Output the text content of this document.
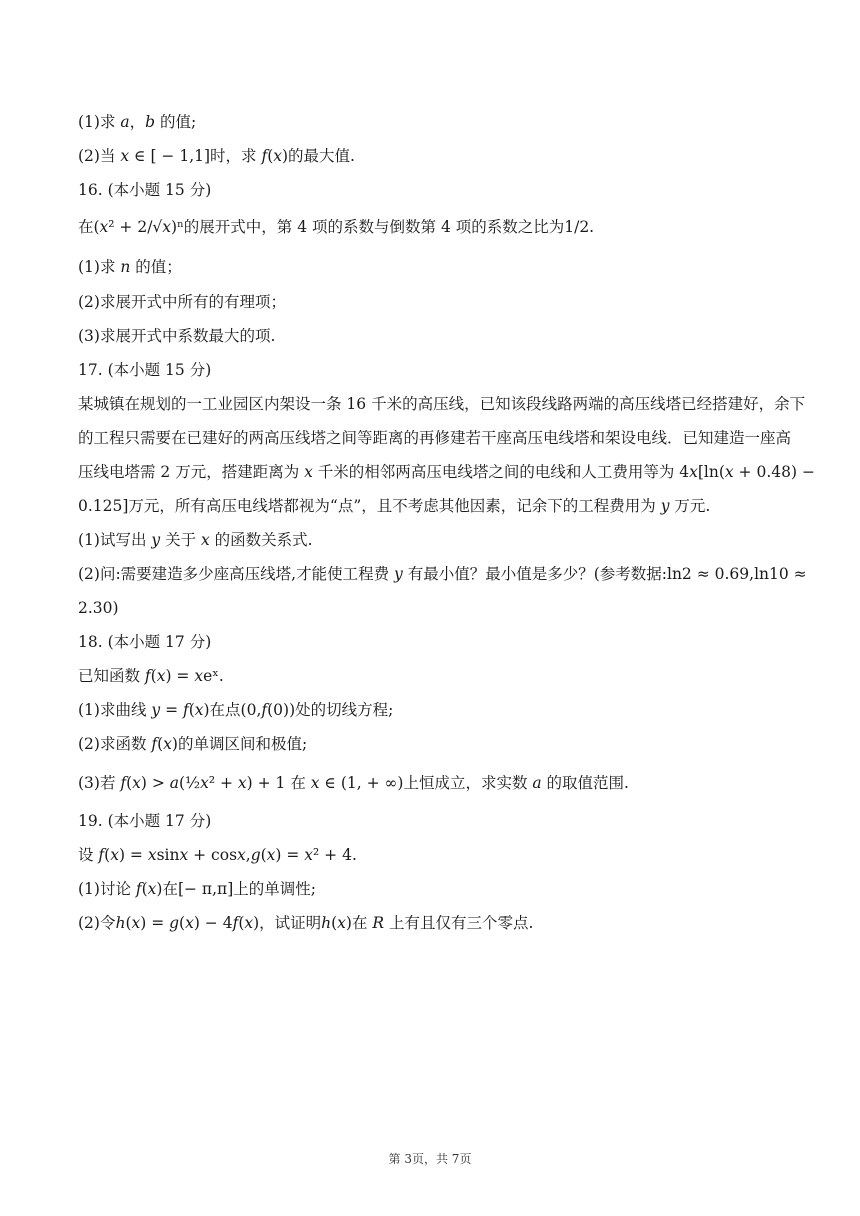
(1)求 𝑎，𝑏 的值;
(2)当 𝑥 ∈ [ − 1,1]时，求 𝑓(𝑥)的最大值.
16. (本小题 15 分)
在(𝑥² + 2/√𝑥)ⁿ的展开式中，第 4 项的系数与倒数第 4 项的系数之比为1/2.
(1)求 𝑛 的值；
(2)求展开式中所有的有理项；
(3)求展开式中系数最大的项.
17. (本小题 15 分)
某城镇在规划的一工业园区内架设一条 16 千米的高压线，已知该段线路两端的高压线塔已经搭建好，余下
的工程只需要在已建好的两高压线塔之间等距离的再修建若干座高压电线塔和架设电线．已知建造一座高
压线电塔需 2 万元，搭建距离为 𝑥 千米的相邻两高压电线塔之间的电线和人工费用等为 4𝑥[ln(𝑥 + 0.48) −
0.125]万元，所有高压电线塔都视为“点”，且不考虑其他因素，记余下的工程费用为 𝑦 万元.
(1)试写出 𝑦 关于 𝑥 的函数关系式.
(2)问:需要建造多少座高压线塔,才能使工程费 𝑦 有最小值？最小值是多少？(参考数据:ln2 ≈ 0.69,ln10 ≈
2.30)
18. (本小题 17 分)
已知函数 𝑓(𝑥) = 𝑥eˣ.
(1)求曲线 𝑦 = 𝑓(𝑥)在点(0,𝑓(0))处的切线方程;
(2)求函数 𝑓(𝑥)的单调区间和极值;
(3)若 𝑓(𝑥) > 𝑎(½𝑥² + 𝑥) + 1 在 𝑥 ∈ (1, + ∞)上恒成立，求实数 𝑎 的取值范围.
19. (本小题 17 分)
设 𝑓(𝑥) = 𝑥sin𝑥 + cos𝑥,𝑔(𝑥) = 𝑥² + 4.
(1)讨论 𝑓(𝑥)在[− π,π]上的单调性;
(2)令ℎ(𝑥) = 𝑔(𝑥) − 4𝑓(𝑥)，试证明ℎ(𝑥)在 𝑅 上有且仅有三个零点.
第 3页，共 7页
